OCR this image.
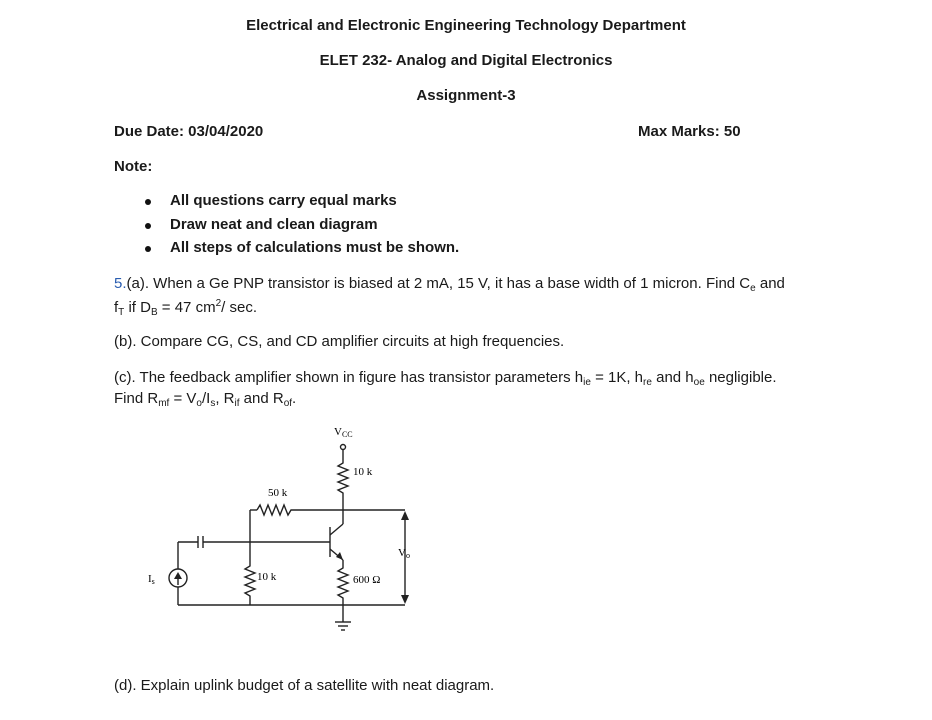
Electrical and Electronic Engineering Technology Department
ELET 232- Analog and Digital Electronics
Assignment-3
Due Date: 03/04/2020	Max Marks: 50
Note:
All questions carry equal marks
Draw neat and clean diagram
All steps of calculations must be shown.
5.(a). When a Ge PNP transistor is biased at 2 mA, 15 V, it has a base width of 1 micron. Find $C_e$ and
$f_T$ if $D_B = 47$ $cm^2/$ sec.
(b). Compare CG, CS, and CD amplifier circuits at high frequencies.
(c). The feedback amplifier shown in figure has transistor parameters $h_{ie} = 1K$, $h_{re}$ and $h_{oe}$ negligible.
Find $R_{mf} = V_o/I_s$, $R_{if}$ and $R_{of}$.
VCC
10 k
50 k
10 k	600 Ω
Is
Vo
(d). Explain uplink budget of a satellite with neat diagram.
